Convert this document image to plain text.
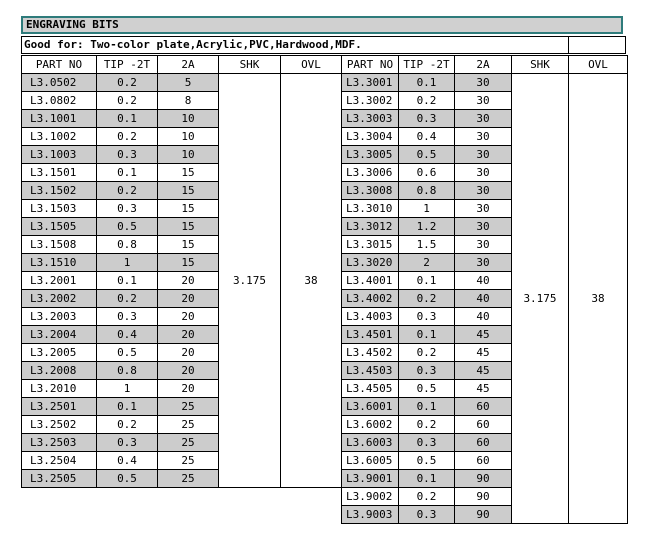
ENGRAVING BITS
Good for: Two-color plate,Acrylic,PVC,Hardwood,MDF.
PART NO	TIP -2T	2A	SHK	OVL
L3.0502	0.2	5	3.175	38
L3.0802	0.2	8		
L3.1001	0.1	10		
L3.1002	0.2	10		
L3.1003	0.3	10		
L3.1501	0.1	15		
L3.1502	0.2	15		
L3.1503	0.3	15		
L3.1505	0.5	15		
L3.1508	0.8	15		
L3.1510	1	15		
L3.2001	0.1	20		
L3.2002	0.2	20		
L3.2003	0.3	20		
L3.2004	0.4	20		
L3.2005	0.5	20		
L3.2008	0.8	20		
L3.2010	1	20		
L3.2501	0.1	25		
L3.2502	0.2	25		
L3.2503	0.3	25		
L3.2504	0.4	25		
L3.2505	0.5	25		
PART NO	TIP -2T	2A	SHK	OVL
L3.3001	0.1	30	3.175	38
L3.3002	0.2	30		
L3.3003	0.3	30		
L3.3004	0.4	30		
L3.3005	0.5	30		
L3.3006	0.6	30		
L3.3008	0.8	30		
L3.3010	1	30		
L3.3012	1.2	30		
L3.3015	1.5	30		
L3.3020	2	30		
L3.4001	0.1	40		
L3.4002	0.2	40		
L3.4003	0.3	40		
L3.4501	0.1	45		
L3.4502	0.2	45		
L3.4503	0.3	45		
L3.4505	0.5	45		
L3.6001	0.1	60		
L3.6002	0.2	60		
L3.6003	0.3	60		
L3.6005	0.5	60		
L3.9001	0.1	90		
L3.9002	0.2	90		
L3.9003	0.3	90		
